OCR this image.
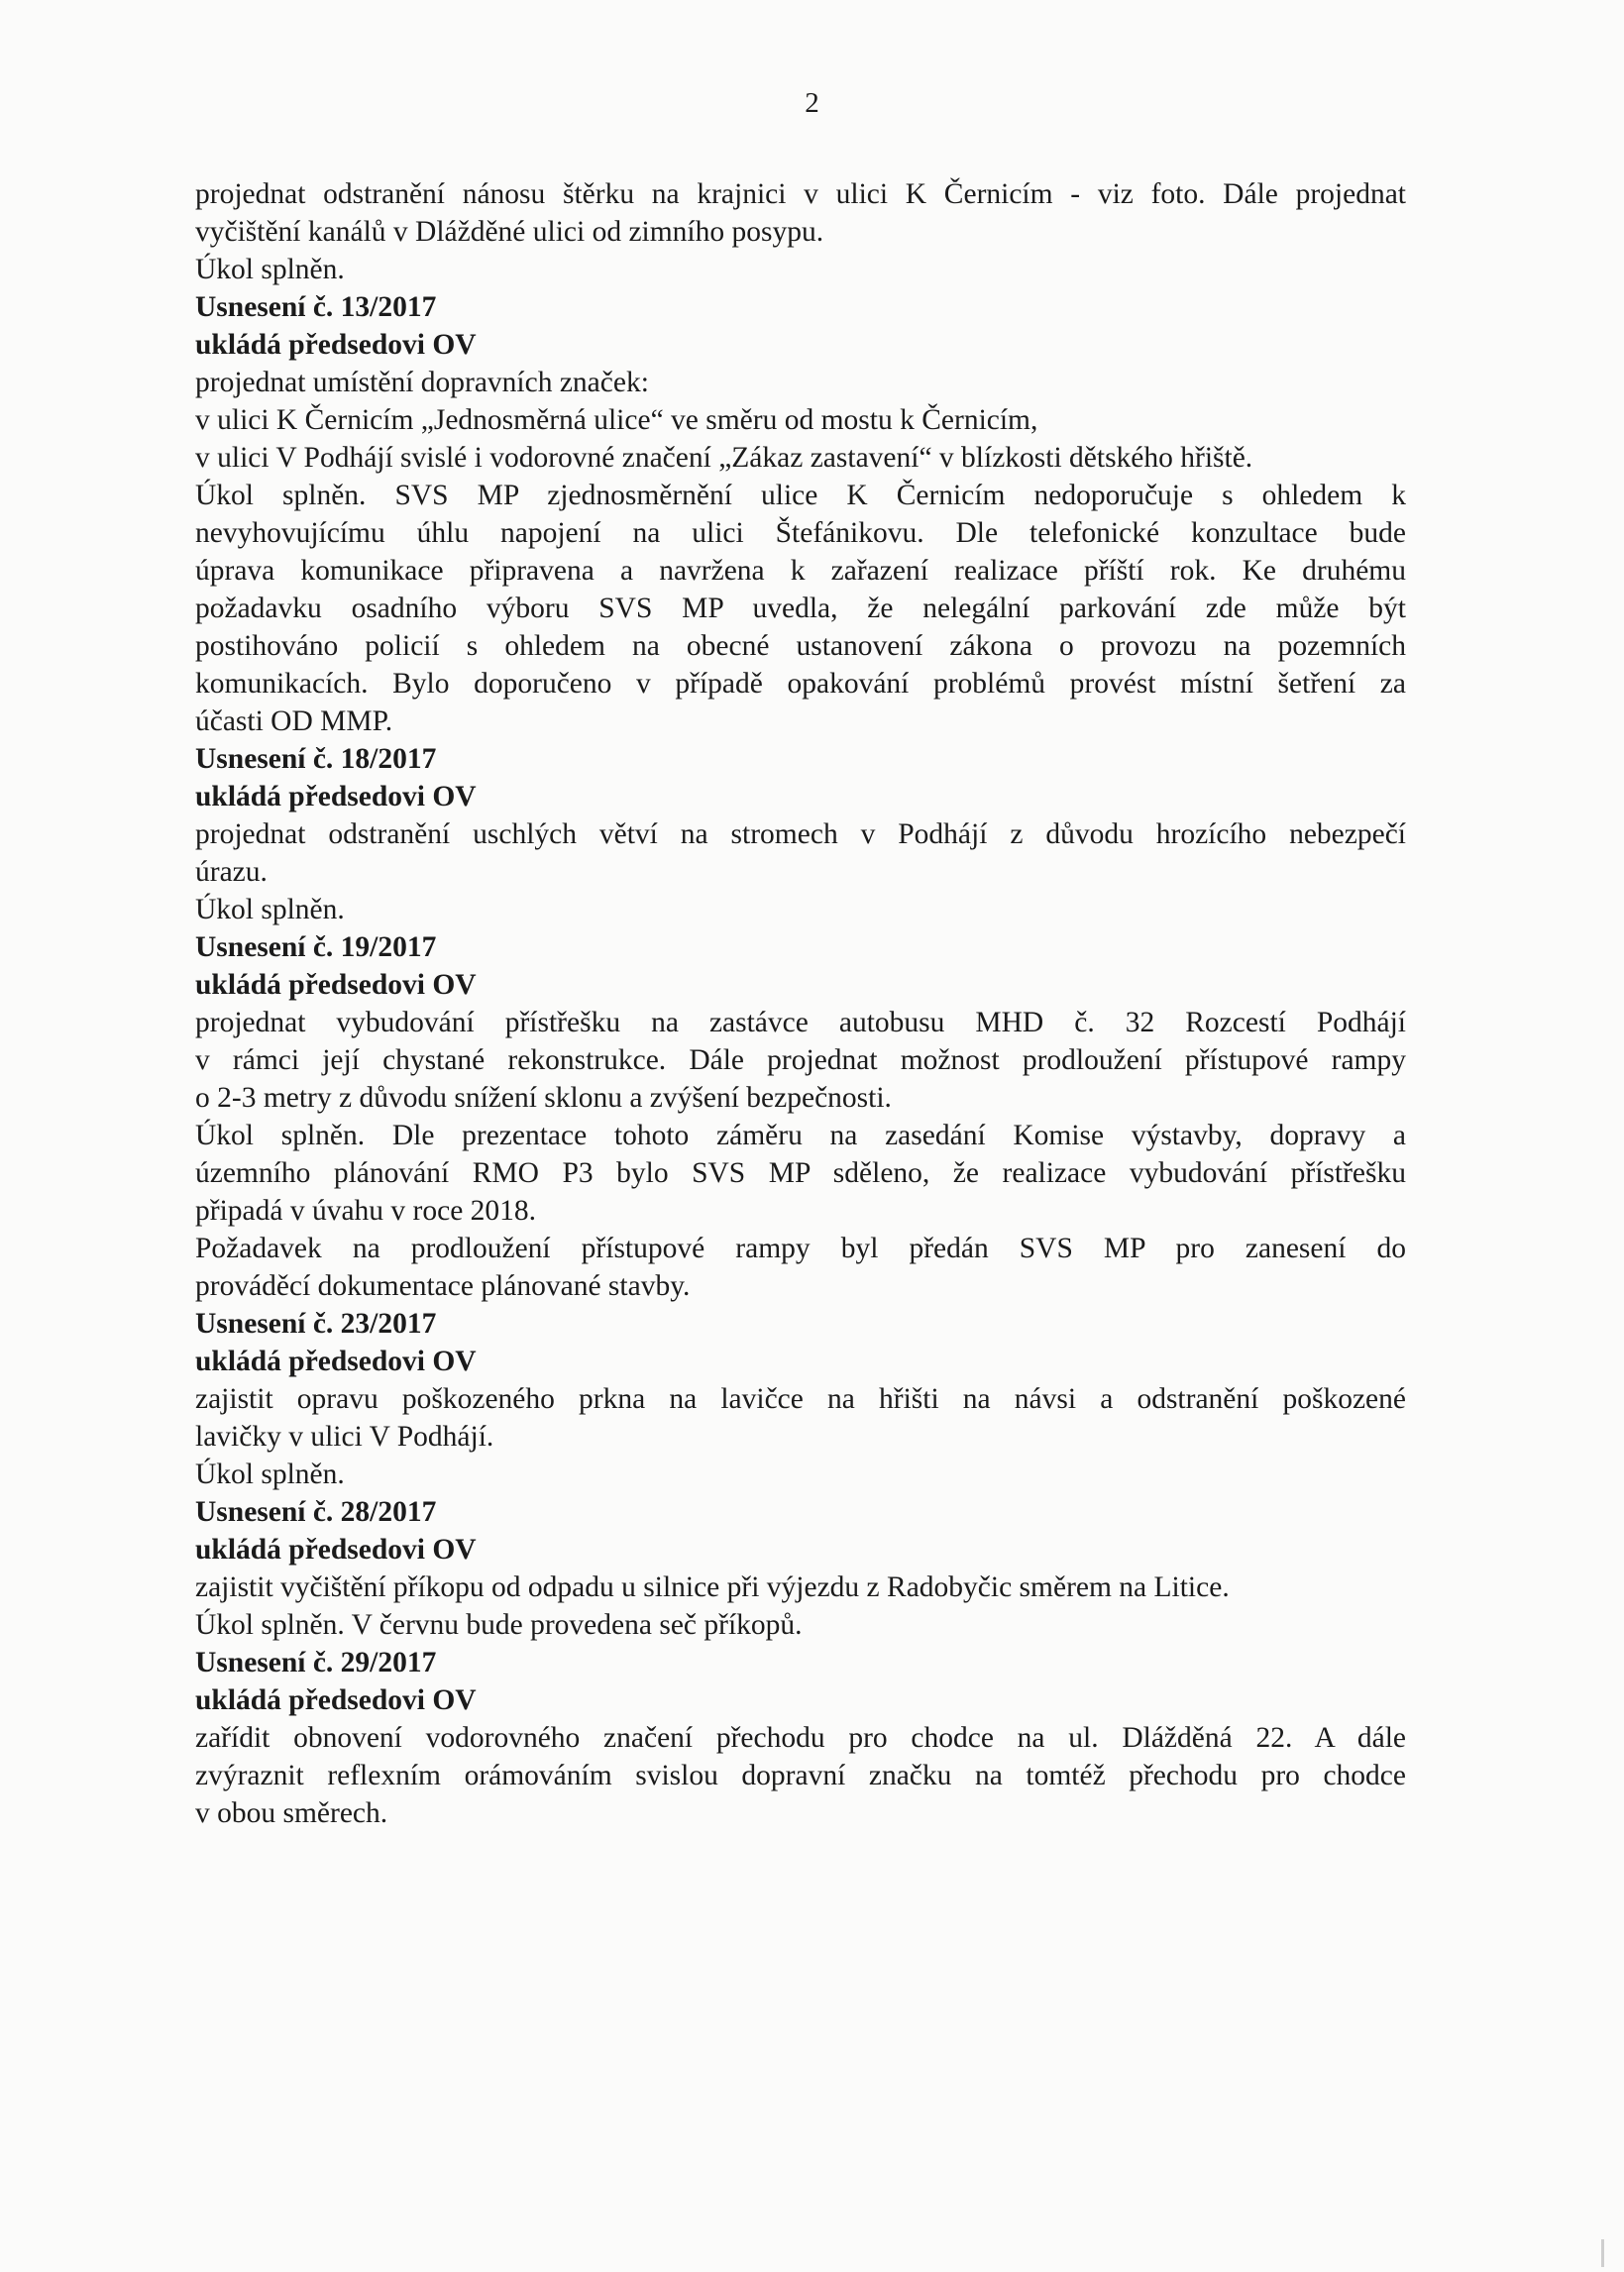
2
projednat odstranění nánosu štěrku na krajnici v ulici K Černicím - viz foto. Dále projednat
vyčištění kanálů v Dlážděné ulici od zimního posypu.
Úkol splněn.
Usnesení č. 13/2017
ukládá předsedovi OV
projednat umístění dopravních značek:
v ulici K Černicím „Jednosměrná ulice“ ve směru od mostu k Černicím,
v ulici V Podhájí svislé i vodorovné značení „Zákaz zastavení“ v blízkosti dětského hřiště.
Úkol splněn. SVS MP zjednosměrnění ulice K Černicím nedoporučuje s ohledem k
nevyhovujícímu úhlu napojení na ulici Štefánikovu. Dle telefonické konzultace bude
úprava komunikace připravena a navržena k zařazení realizace příští rok. Ke druhému
požadavku osadního výboru SVS MP uvedla, že nelegální parkování zde může být
postihováno policií s ohledem na obecné ustanovení zákona o provozu na pozemních
komunikacích. Bylo doporučeno v případě opakování problémů provést místní šetření za
účasti OD MMP.
Usnesení č. 18/2017
ukládá předsedovi OV
projednat odstranění uschlých větví na stromech v Podhájí z důvodu hrozícího nebezpečí
úrazu.
Úkol splněn.
Usnesení č. 19/2017
ukládá předsedovi OV
projednat vybudování přístřešku na zastávce autobusu MHD č. 32 Rozcestí Podhájí
v rámci její chystané rekonstrukce. Dále projednat možnost prodloužení přístupové rampy
o 2-3 metry z důvodu snížení sklonu a zvýšení bezpečnosti.
Úkol splněn. Dle prezentace tohoto záměru na zasedání Komise výstavby, dopravy a
územního plánování RMO P3 bylo SVS MP sděleno, že realizace vybudování přístřešku
připadá v úvahu v roce 2018.
Požadavek na prodloužení přístupové rampy byl předán SVS MP pro zanesení do
prováděcí dokumentace plánované stavby.
Usnesení č. 23/2017
ukládá předsedovi OV
zajistit opravu poškozeného prkna na lavičce na hřišti na návsi a odstranění poškozené
lavičky v ulici V Podhájí.
Úkol splněn.
Usnesení č. 28/2017
ukládá předsedovi OV
zajistit vyčištění příkopu od odpadu u silnice při výjezdu z Radobyčic směrem na Litice.
Úkol splněn. V červnu bude provedena seč příkopů.
Usnesení č. 29/2017
ukládá předsedovi OV
zařídit obnovení vodorovného značení přechodu pro chodce na ul. Dlážděná 22. A dále
zvýraznit reflexním orámováním svislou dopravní značku na tomtéž přechodu pro chodce
v obou směrech.
